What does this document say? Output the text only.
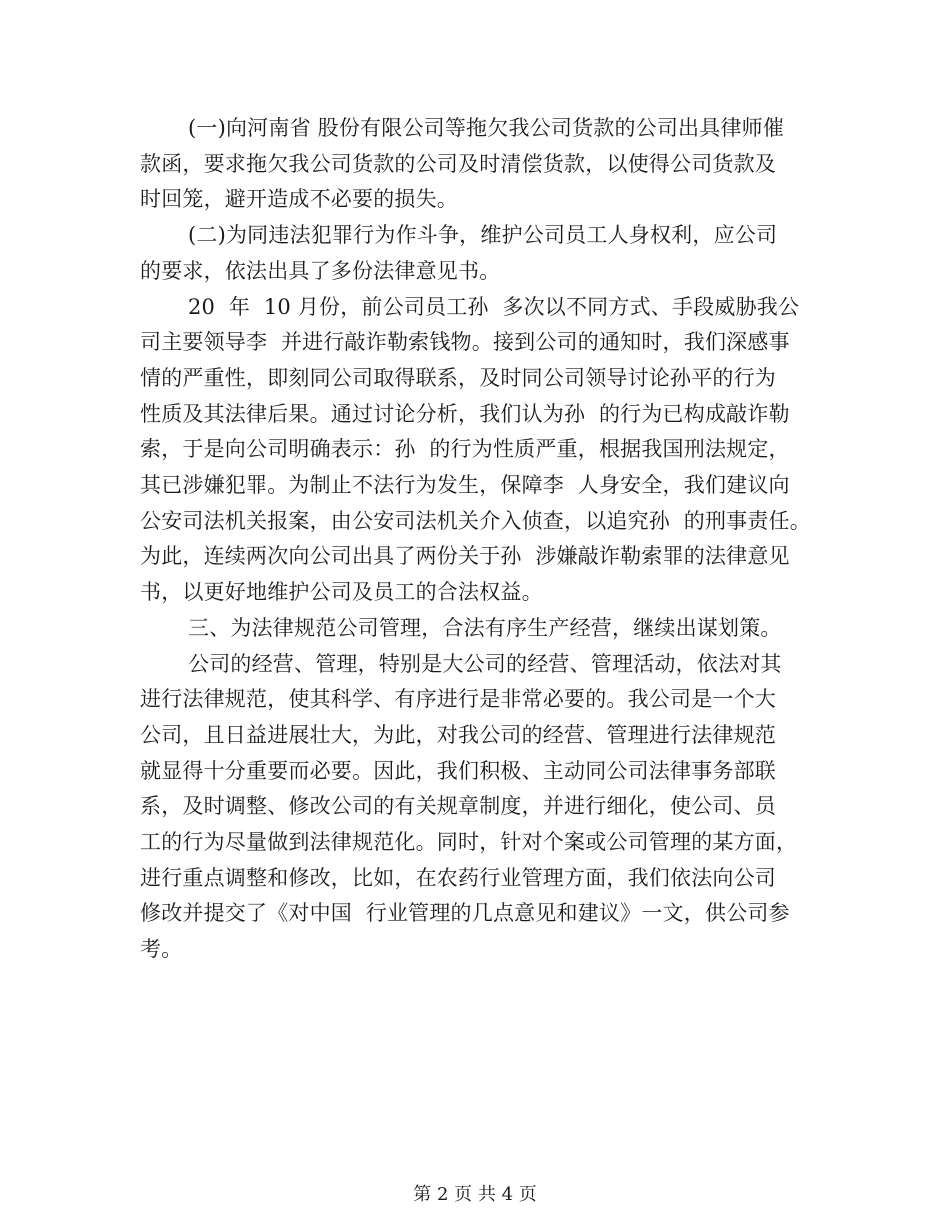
(一)向河南省 股份有限公司等拖欠我公司货款的公司出具律师催
款函，要求拖欠我公司货款的公司及时清偿货款，以使得公司货款及
时回笼，避开造成不必要的损失。
(二)为同违法犯罪行为作斗争，维护公司员工人身权利，应公司
的要求，依法出具了多份法律意见书。
20  年  10 月份，前公司员工孙  多次以不同方式、手段威胁我公
司主要领导李  并进行敲诈勒索钱物。接到公司的通知时，我们深感事
情的严重性，即刻同公司取得联系，及时同公司领导讨论孙平的行为
性质及其法律后果。通过讨论分析，我们认为孙  的行为已构成敲诈勒
索，于是向公司明确表示：孙  的行为性质严重，根据我国刑法规定，
其已涉嫌犯罪。为制止不法行为发生，保障李  人身安全，我们建议向
公安司法机关报案，由公安司法机关介入侦查，以追究孙  的刑事责任。
为此，连续两次向公司出具了两份关于孙  涉嫌敲诈勒索罪的法律意见
书，以更好地维护公司及员工的合法权益。
三、为法律规范公司管理，合法有序生产经营，继续出谋划策。
公司的经营、管理，特别是大公司的经营、管理活动，依法对其
进行法律规范，使其科学、有序进行是非常必要的。我公司是一个大
公司，且日益进展壮大，为此，对我公司的经营、管理进行法律规范
就显得十分重要而必要。因此，我们积极、主动同公司法律事务部联
系，及时调整、修改公司的有关规章制度，并进行细化，使公司、员
工的行为尽量做到法律规范化。同时，针对个案或公司管理的某方面，
进行重点调整和修改，比如，在农药行业管理方面，我们依法向公司
修改并提交了《对中国  行业管理的几点意见和建议》一文，供公司参
考。
第 2 页 共 4 页
